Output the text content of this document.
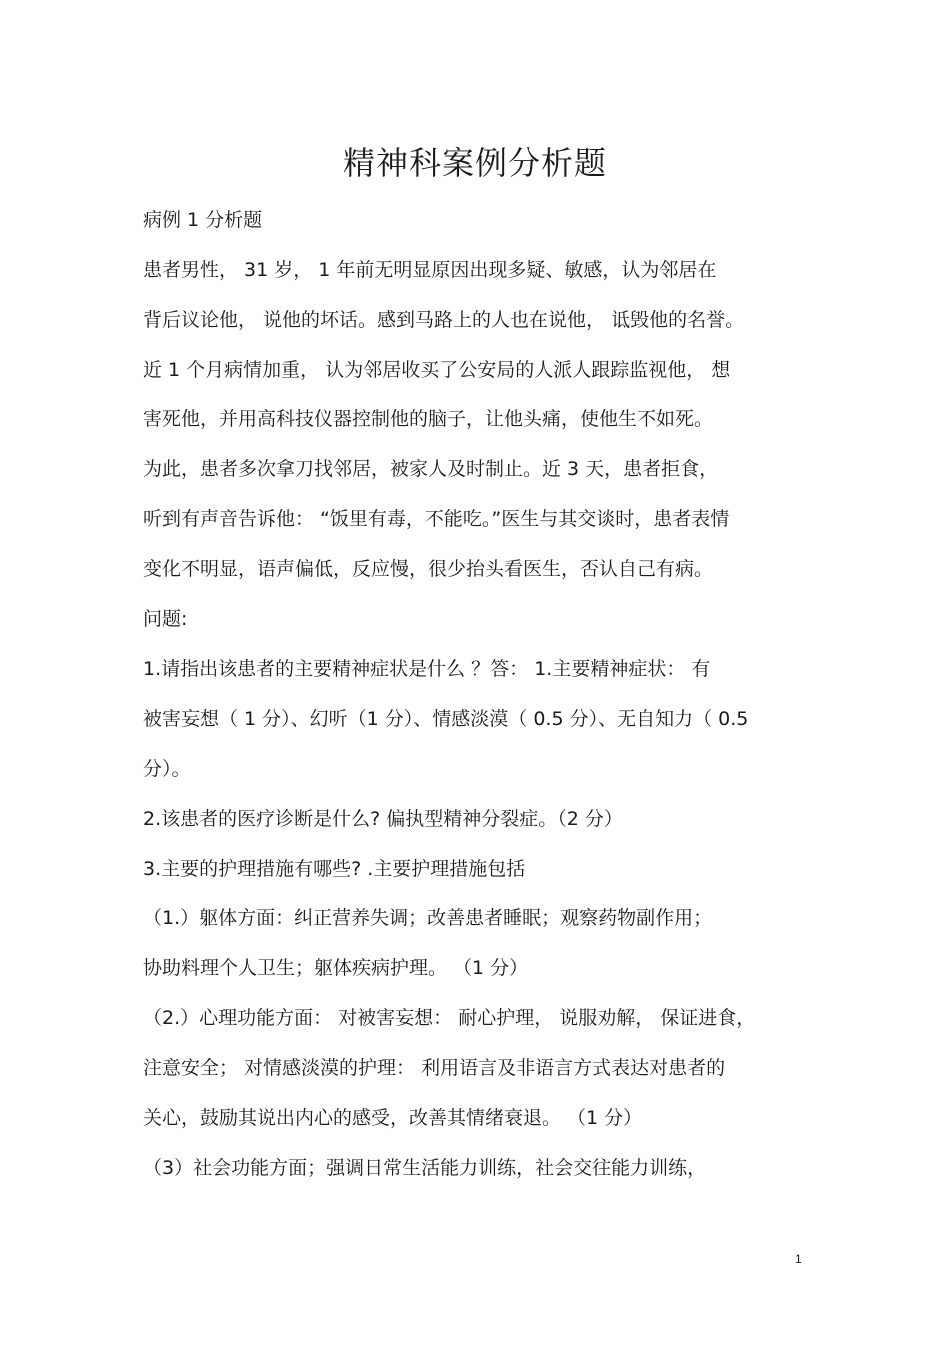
精神科案例分析题
病例 1 分析题
患者男性， 31 岁， 1 年前无明显原因出现多疑、敏感，认为邻居在
背后议论他， 说他的坏话。感到马路上的人也在说他， 诋毁他的名誉。
近 1 个月病情加重， 认为邻居收买了公安局的人派人跟踪监视他， 想
害死他，并用高科技仪器控制他的脑子，让他头痛，使他生不如死。
为此，患者多次拿刀找邻居，被家人及时制止。近 3 天，患者拒食，
听到有声音告诉他： “饭里有毒，不能吃。”医生与其交谈时，患者表情
变化不明显，语声偏低，反应慢，很少抬头看医生，否认自己有病。
问题:
1.请指出该患者的主要精神症状是什么 ？答： 1.主要精神症状： 有
被害妄想（ 1 分）、幻听（1 分）、情感淡漠（ 0.5 分）、无自知力（ 0.5
分）。
2.该患者的医疗诊断是什么? 偏执型精神分裂症。（2 分）
3.主要的护理措施有哪些? .主要护理措施包括
（1.）躯体方面：纠正营养失调；改善患者睡眠；观察药物副作用；
协助料理个人卫生；躯体疾病护理。 （1 分）
（2.）心理功能方面： 对被害妄想： 耐心护理， 说服劝解， 保证进食，
注意安全； 对情感淡漠的护理： 利用语言及非语言方式表达对患者的
关心，鼓励其说出内心的感受，改善其情绪衰退。 （1 分）
（3）社会功能方面；强调日常生活能力训练，社会交往能力训练，
1
